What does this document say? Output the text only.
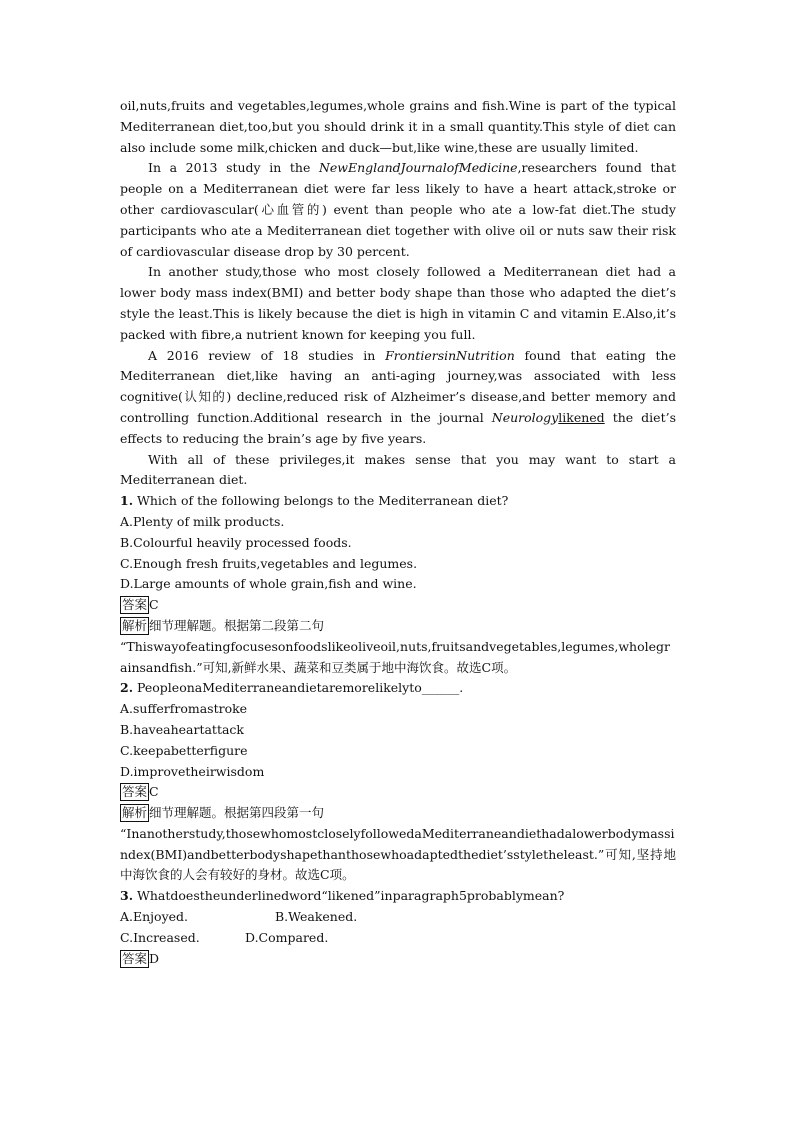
oil,nuts,fruits and vegetables,legumes,whole grains and fish.Wine is part of the typical Mediterranean diet,too,but you should drink it in a small quantity.This style of diet can also include some milk,chicken and duck—but,like wine,these are usually limited.

In a 2013 study in the NewEnglandJournalofMedicine,researchers found that people on a Mediterranean diet were far less likely to have a heart attack,stroke or other cardiovascular(心血管的) event than people who ate a low-fat diet.The study participants who ate a Mediterranean diet together with olive oil or nuts saw their risk of cardiovascular disease drop by 30 percent.

In another study,those who most closely followed a Mediterranean diet had a lower body mass index(BMI) and better body shape than those who adapted the diet’s style the least.This is likely because the diet is high in vitamin C and vitamin E.Also,it’s packed with fibre,a nutrient known for keeping you full.

A 2016 review of 18 studies in FrontiersinNutrition found that eating the Mediterranean diet,like having an anti-aging journey,was associated with less cognitive(认知的) decline,reduced risk of Alzheimer’s disease,and better memory and controlling function.Additional research in the journal Neurologylikened the diet’s effects to reducing the brain’s age by five years.

With all of these privileges,it makes sense that you may want to start a Mediterranean diet.

1. Which of the following belongs to the Mediterranean diet?

A.Plenty of milk products.

B.Colourful heavily processed foods.

C.Enough fresh fruits,vegetables and legumes.

D.Large amounts of whole grain,fish and wine.

答案 C

解析 细节理解题。根据第二段第二句

“Thiswayofeatingfocusesonfoodslikeoliveoil,nuts,fruitsandvegetables,legumes,wholegrainsandfish.”可知,新鲜水果、蔬菜和豆类属于地中海饮食。故选C项。

2. PeopleonaMediterraneandietaremorelikelyto______.

A.sufferfromastroke

B.haveaheartattack

C.keepabetterfigure

D.improvetheirwisdom

答案 C

解析 细节理解题。根据第四段第一句

“Inanotherstudy,thosewhomostcloselyfollowedaMediterraneandiethadalowerbodymassindex(BMI)andbetterbodyshapethanthosewhoadaptedthediet’sstyletheleast.”可知,坚持地中海饮食的人会有较好的身材。故选C项。

3. Whatdoestheunderlinedword“likened”inparagraph5probablymean?

A.Enjoyed.	B.Weakened.

C.Increased.	D.Compared.

答案 D
